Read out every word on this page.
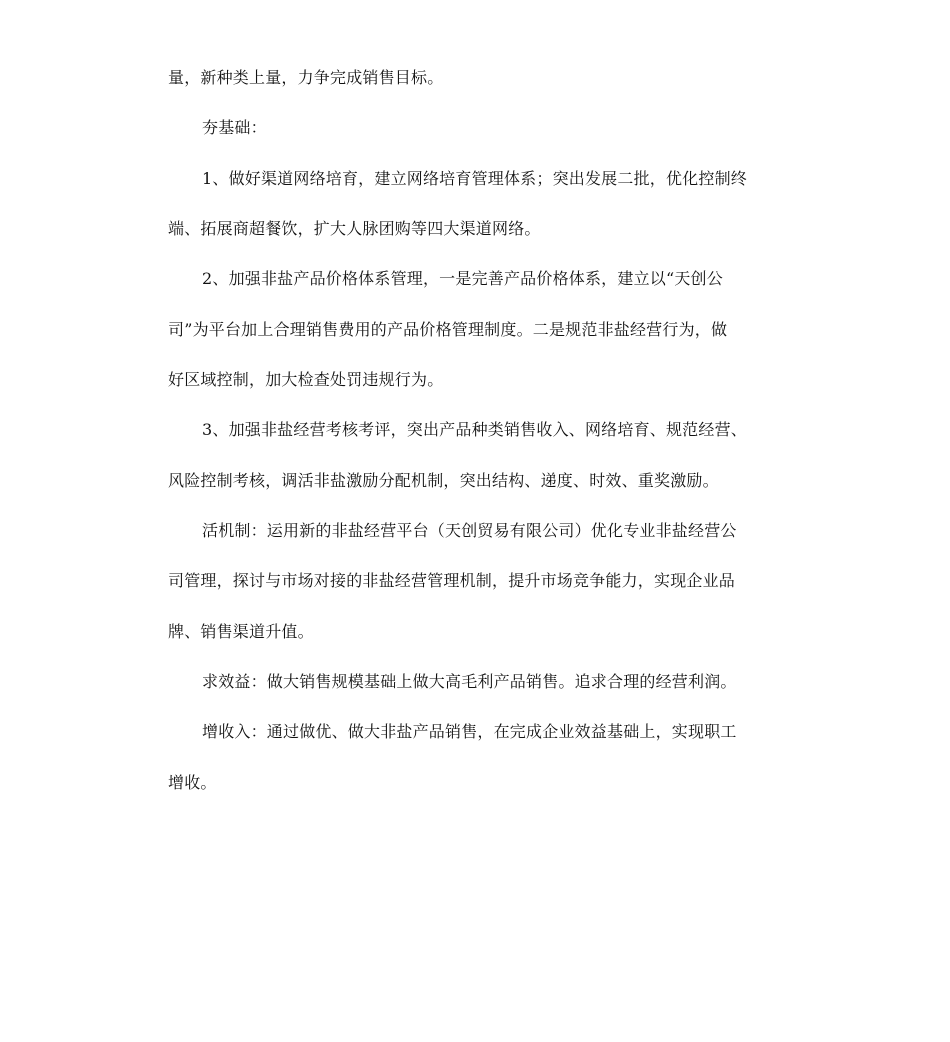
量，新种类上量，力争完成销售目标。
夯基础：
1、做好渠道网络培育，建立网络培育管理体系；突出发展二批，优化控制终
端、拓展商超餐饮，扩大人脉团购等四大渠道网络。
2、加强非盐产品价格体系管理，一是完善产品价格体系，建立以“天创公
司”为平台加上合理销售费用的产品价格管理制度。二是规范非盐经营行为，做
好区域控制，加大检查处罚违规行为。
3、加强非盐经营考核考评，突出产品种类销售收入、网络培育、规范经营、
风险控制考核，调活非盐激励分配机制，突出结构、递度、时效、重奖激励。
活机制：运用新的非盐经营平台（天创贸易有限公司）优化专业非盐经营公
司管理，探讨与市场对接的非盐经营管理机制，提升市场竞争能力，实现企业品
牌、销售渠道升值。
求效益：做大销售规模基础上做大高毛利产品销售。追求合理的经营利润。
增收入：通过做优、做大非盐产品销售，在完成企业效益基础上，实现职工
增收。
